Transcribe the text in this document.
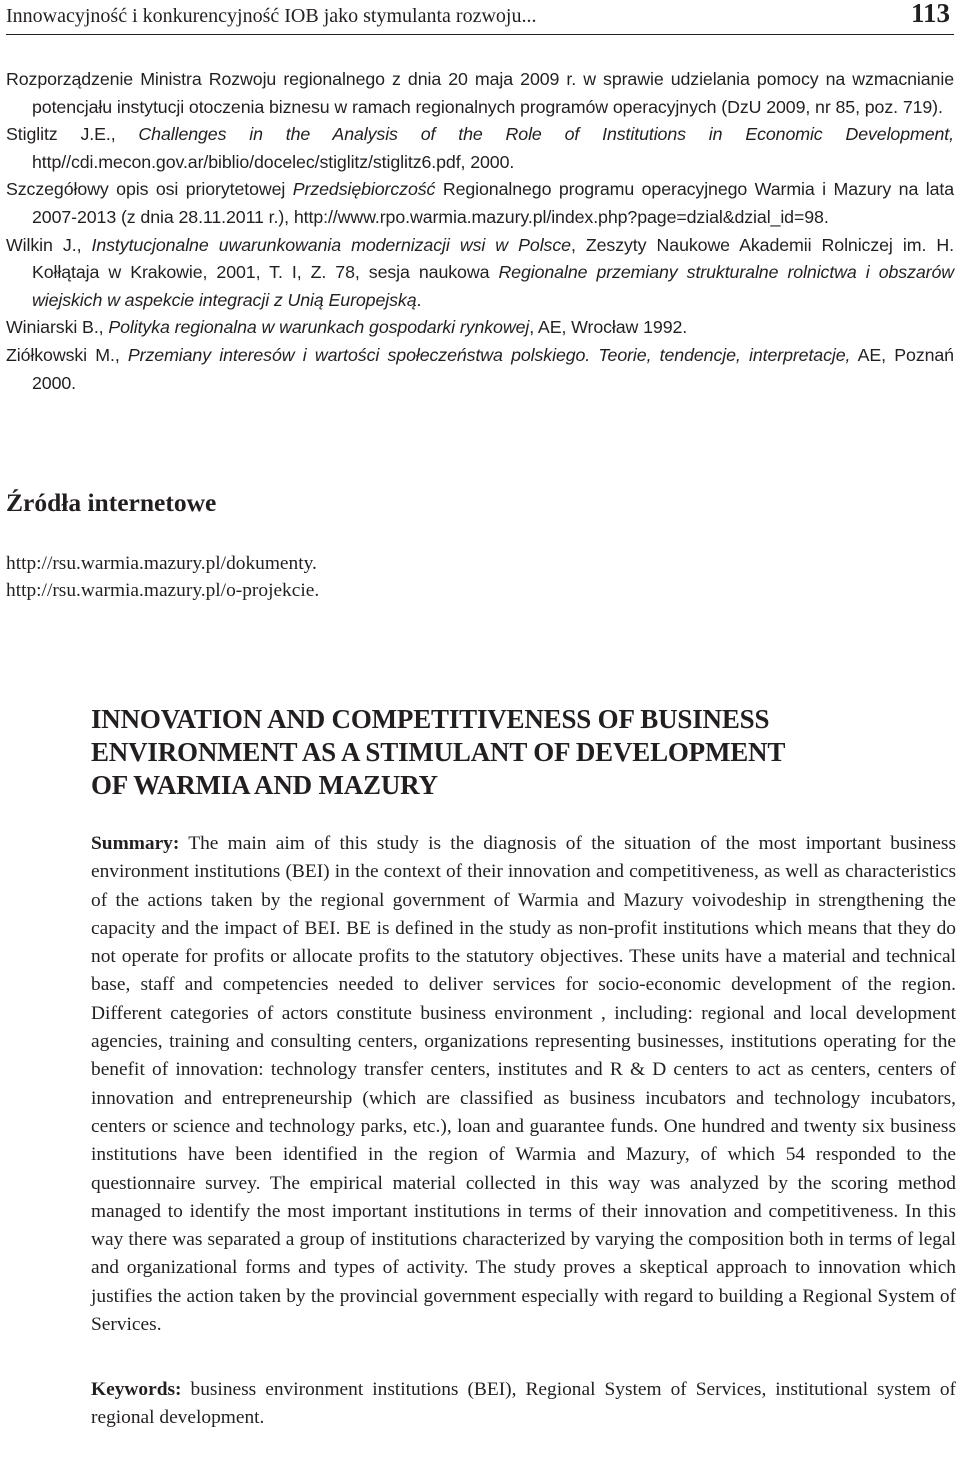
Innowacyjność i konkurencyjność IOB jako stymulanta rozwoju...	113

Rozporządzenie Ministra Rozwoju regionalnego z dnia 20 maja 2009 r. w sprawie udzielania pomocy na wzmacnianie potencjału instytucji otoczenia biznesu w ramach regionalnych programów operacyjnych (DzU 2009, nr 85, poz. 719).

Stiglitz J.E., Challenges in the Analysis of the Role of Institutions in Economic Development, http//cdi.mecon.gov.ar/biblio/docelec/stiglitz/stiglitz6.pdf, 2000.

Szczegółowy opis osi priorytetowej Przedsiębiorczość Regionalnego programu operacyjnego Warmia i Mazury na lata 2007-2013 (z dnia 28.11.2011 r.), http://www.rpo.warmia.mazury.pl/index.php?page=dzial&dzial_id=98.

Wilkin J., Instytucjonalne uwarunkowania modernizacji wsi w Polsce, Zeszyty Naukowe Akademii Rolniczej im. H. Kołłątaja w Krakowie, 2001, T. I, Z. 78, sesja naukowa Regionalne przemiany strukturalne rolnictwa i obszarów wiejskich w aspekcie integracji z Unią Europejską.

Winiarski B., Polityka regionalna w warunkach gospodarki rynkowej, AE, Wrocław 1992.

Ziółkowski M., Przemiany interesów i wartości społeczeństwa polskiego. Teorie, tendencje, interpretacje, AE, Poznań 2000.

Źródła internetowe
http://rsu.warmia.mazury.pl/dokumenty.
http://rsu.warmia.mazury.pl/o-projekcie.
INNOVATION AND COMPETITIVENESS OF BUSINESS
ENVIRONMENT AS A STIMULANT OF DEVELOPMENT
OF WARMIA AND MAZURY

Summary: The main aim of this study is the diagnosis of the situation of the most important business environment institutions (BEI) in the context of their innovation and competitiveness, as well as characteristics of the actions taken by the regional government of Warmia and Mazury voivodeship in strengthening the capacity and the impact of BEI. BE is defined in the study as non-profit institutions which means that they do not operate for profits or allocate profits to the statutory objectives. These units have a material and technical base, staff and competencies needed to deliver services for socio-economic development of the region. Different categories of actors constitute business environment , including: regional and local development agencies, training and consulting centers, organizations representing businesses, institutions operating for the benefit of innovation: technology transfer centers, institutes and R & D centers to act as centers, centers of innovation and entrepreneurship (which are classified as business incubators and technology incubators, centers or science and technology parks, etc.), loan and guarantee funds. One hundred and twenty six business institutions have been identified in the region of Warmia and Mazury, of which 54 responded to the questionnaire survey. The empirical material collected in this way was analyzed by the scoring method managed to identify the most important institutions in terms of their innovation and competitiveness. In this way there was separated a group of institutions characterized by varying the composition both in terms of legal and organizational forms and types of activity. The study proves a skeptical approach to innovation which justifies the action taken by the provincial government especially with regard to building a Regional System of Services.

Keywords: business environment institutions (BEI), Regional System of Services, institutional system of regional development.
